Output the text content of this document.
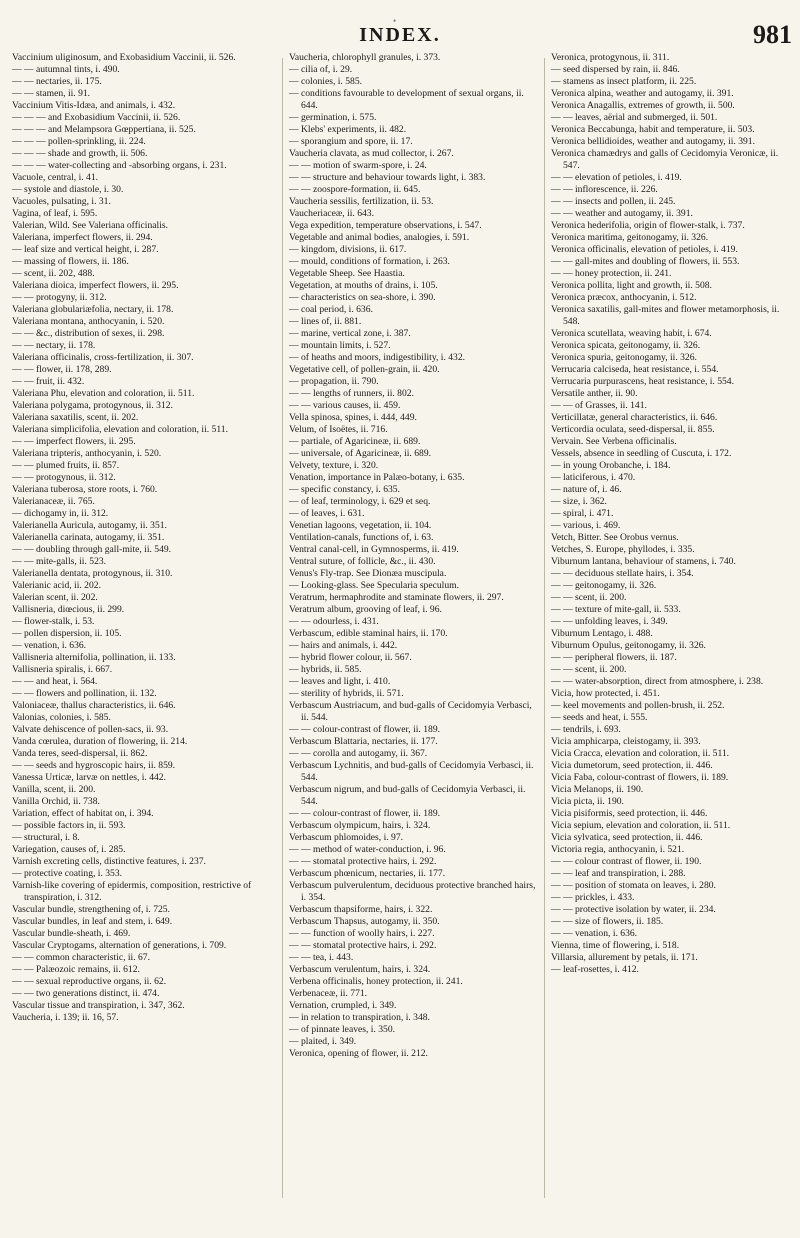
•
INDEX.	981

Vaccinium uliginosum, and Exobasidium Vaccinii, ii. 526.

— — autumnal tints, i. 490.

— — nectaries, ii. 175.

— — stamen, ii. 91.

Vaccinium Vitis-Idæa, and animals, i. 432.

— — — and Exobasidium Vaccinii, ii. 526.

— — — and Melampsora Gœppertiana, ii. 525.

— — — pollen-sprinkling, ii. 224.

— — — shade and growth, ii. 506.

— — — water-collecting and -absorbing organs, i. 231.

Vacuole, central, i. 41.

— systole and diastole, i. 30.

Vacuoles, pulsating, i. 31.

Vagina, of leaf, i. 595.

Valerian, Wild. See Valeriana officinalis.

Valeriana, imperfect flowers, ii. 294.

— leaf size and vertical height, i. 287.

— massing of flowers, ii. 186.

— scent, ii. 202, 488.

Valeriana dioica, imperfect flowers, ii. 295.

— — protogyny, ii. 312.

Valeriana globulariæfolia, nectary, ii. 178.

Valeriana montana, anthocyanin, i. 520.

— — &c., distribution of sexes, ii. 298.

— — nectary, ii. 178.

Valeriana officinalis, cross-fertilization, ii. 307.

— — flower, ii. 178, 289.

— — fruit, ii. 432.

Valeriana Phu, elevation and coloration, ii. 511.

Valeriana polygama, protogynous, ii. 312.

Valeriana saxatilis, scent, ii. 202.

Valeriana simplicifolia, elevation and coloration, ii. 511.

— — imperfect flowers, ii. 295.

Valeriana tripteris, anthocyanin, i. 520.

— — plumed fruits, ii. 857.

— — protogynous, ii. 312.

Valeriana tuberosa, store roots, i. 760.

Valerianaceæ, ii. 765.

— dichogamy in, ii. 312.

Valerianella Auricula, autogamy, ii. 351.

Valerianella carinata, autogamy, ii. 351.

— — doubling through gall-mite, ii. 549.

— — mite-galls, ii. 523.

Valerianella dentata, protogynous, ii. 310.

Valerianic acid, ii. 202.

Valerian scent, ii. 202.

Vallisneria, diœcious, ii. 299.

— flower-stalk, i. 53.

— pollen dispersion, ii. 105.

— venation, i. 636.

Vallisneria alternifolia, pollination, ii. 133.

Vallisneria spiralis, i. 667.

— — and heat, i. 564.

— — flowers and pollination, ii. 132.

Valoniaceæ, thallus characteristics, ii. 646.

Valonias, colonies, i. 585.

Valvate dehiscence of pollen-sacs, ii. 93.

Vanda cœrulea, duration of flowering, ii. 214.

Vanda teres, seed-dispersal, ii. 862.

— — seeds and hygroscopic hairs, ii. 859.

Vanessa Urticæ, larvæ on nettles, i. 442.

Vanilla, scent, ii. 200.

Vanilla Orchid, ii. 738.

Variation, effect of habitat on, i. 394.

— possible factors in, ii. 593.

— structural, i. 8.

Variegation, causes of, i. 285.

Varnish excreting cells, distinctive features, i. 237.

— protective coating, i. 353.

Varnish-like covering of epidermis, composition, restrictive of transpiration, i. 312.

Vascular bundle, strengthening of, i. 725.

Vascular bundles, in leaf and stem, i. 649.

Vascular bundle-sheath, i. 469.

Vascular Cryptogams, alternation of generations, i. 709.

— — common characteristic, ii. 67.

— — Palæozoic remains, ii. 612.

— — sexual reproductive organs, ii. 62.

— — two generations distinct, ii. 474.

Vascular tissue and transpiration, i. 347, 362.

Vaucheria, i. 139; ii. 16, 57.

Vaucheria, chlorophyll granules, i. 373.

— cilia of, i. 29.

— colonies, i. 585.

— conditions favourable to development of sexual organs, ii. 644.

— germination, i. 575.

— Klebs' experiments, ii. 482.

— sporangium and spore, ii. 17.

Vaucheria clavata, as mud collector, i. 267.

— — motion of swarm-spore, i. 24.

— — structure and behaviour towards light, i. 383.

— — zoospore-formation, ii. 645.

Vaucheria sessilis, fertilization, ii. 53.

Vaucheriaceæ, ii. 643.

Vega expedition, temperature observations, i. 547.

Vegetable and animal bodies, analogies, i. 591.

— kingdom, divisions, ii. 617.

— mould, conditions of formation, i. 263.

Vegetable Sheep. See Haastia.

Vegetation, at mouths of drains, i. 105.

— characteristics on sea-shore, i. 390.

— coal period, i. 636.

— lines of, ii. 881.

— marine, vertical zone, i. 387.

— mountain limits, i. 527.

— of heaths and moors, indigestibility, i. 432.

Vegetative cell, of pollen-grain, ii. 420.

— propagation, ii. 790.

— — lengths of runners, ii. 802.

— — various causes, ii. 459.

Vella spinosa, spines, i. 444, 449.

Velum, of Isoëtes, ii. 716.

— partiale, of Agaricineæ, ii. 689.

— universale, of Agaricineæ, ii. 689.

Velvety, texture, i. 320.

Venation, importance in Palæo-botany, i. 635.

— specific constancy, i. 635.

— of leaf, terminology, i. 629 et seq.

— of leaves, i. 631.

Venetian lagoons, vegetation, ii. 104.

Ventilation-canals, functions of, i. 63.

Ventral canal-cell, in Gymnosperms, ii. 419.

Ventral suture, of follicle, &c., ii. 430.

Venus's Fly-trap. See Dionæa muscipula.

— Looking-glass. See Specularia speculum.

Veratrum, hermaphrodite and staminate flowers, ii. 297.

Veratrum album, grooving of leaf, i. 96.

— — odourless, i. 431.

Verbascum, edible staminal hairs, ii. 170.

— hairs and animals, i. 442.

— hybrid flower colour, ii. 567.

— hybrids, ii. 585.

— leaves and light, i. 410.

— sterility of hybrids, ii. 571.

Verbascum Austriacum, and bud-galls of Cecidomyia Verbasci, ii. 544.

— — colour-contrast of flower, ii. 189.

Verbascum Blattaria, nectaries, ii. 177.

— — corolla and autogamy, ii. 367.

Verbascum Lychnitis, and bud-galls of Cecidomyia Verbasci, ii. 544.

Verbascum nigrum, and bud-galls of Cecidomyia Verbasci, ii. 544.

— — colour-contrast of flower, ii. 189.

Verbascum olympicum, hairs, i. 324.

Verbascum phlomoides, i. 97.

— — method of water-conduction, i. 96.

— — stomatal protective hairs, i. 292.

Verbascum phœnicum, nectaries, ii. 177.

Verbascum pulverulentum, deciduous protective branched hairs, i. 354.

Verbascum thapsiforme, hairs, i. 322.

Verbascum Thapsus, autogamy, ii. 350.

— — function of woolly hairs, i. 227.

— — stomatal protective hairs, i. 292.

— — tea, i. 443.

Verbascum verulentum, hairs, i. 324.

Verbena officinalis, honey protection, ii. 241.

Verbenaceæ, ii. 771.

Vernation, crumpled, i. 349.

— in relation to transpiration, i. 348.

— of pinnate leaves, i. 350.

— plaited, i. 349.

Veronica, opening of flower, ii. 212.

Veronica, protogynous, ii. 311.

— seed dispersed by rain, ii. 846.

— stamens as insect platform, ii. 225.

Veronica alpina, weather and autogamy, ii. 391.

Veronica Anagallis, extremes of growth, ii. 500.

— — leaves, aërial and submerged, ii. 501.

Veronica Beccabunga, habit and temperature, ii. 503.

Veronica bellidioides, weather and autogamy, ii. 391.

Veronica chamædrys and galls of Cecidomyia Veronicæ, ii. 547.

— — elevation of petioles, i. 419.

— — inflorescence, ii. 226.

— — insects and pollen, ii. 245.

— — weather and autogamy, ii. 391.

Veronica hederifolia, origin of flower-stalk, i. 737.

Veronica maritima, geitonogamy, ii. 326.

Veronica officinalis, elevation of petioles, i. 419.

— — gall-mites and doubling of flowers, ii. 553.

— — honey protection, ii. 241.

Veronica pollita, light and growth, ii. 508.

Veronica præcox, anthocyanin, i. 512.

Veronica saxatilis, gall-mites and flower metamorphosis, ii. 548.

Veronica scutellata, weaving habit, i. 674.

Veronica spicata, geitonogamy, ii. 326.

Veronica spuria, geitonogamy, ii. 326.

Verrucaria calciseda, heat resistance, i. 554.

Verrucaria purpurascens, heat resistance, i. 554.

Versatile anther, ii. 90.

— — of Grasses, ii. 141.

Verticillatæ, general characteristics, ii. 646.

Verticordia oculata, seed-dispersal, ii. 855.

Vervain. See Verbena officinalis.

Vessels, absence in seedling of Cuscuta, i. 172.

— in young Orobanche, i. 184.

— laticiferous, i. 470.

— nature of, i. 46.

— size, i. 362.

— spiral, i. 471.

— various, i. 469.

Vetch, Bitter. See Orobus vernus.

Vetches, S. Europe, phyllodes, i. 335.

Viburnum lantana, behaviour of stamens, i. 740.

— — deciduous stellate hairs, i. 354.

— — geitonogamy, ii. 326.

— — scent, ii. 200.

— — texture of mite-gall, ii. 533.

— — unfolding leaves, i. 349.

Viburnum Lentago, i. 488.

Viburnum Opulus, geitonogamy, ii. 326.

— — peripheral flowers, ii. 187.

— — scent, ii. 200.

— — water-absorption, direct from atmosphere, i. 238.

Vicia, how protected, i. 451.

— keel movements and pollen-brush, ii. 252.

— seeds and heat, i. 555.

— tendrils, i. 693.

Vicia amphicarpa, cleistogamy, ii. 393.

Vicia Cracca, elevation and coloration, ii. 511.

Vicia dumetorum, seed protection, ii. 446.

Vicia Faba, colour-contrast of flowers, ii. 189.

Vicia Melanops, ii. 190.

Vicia picta, ii. 190.

Vicia pisiformis, seed protection, ii. 446.

Vicia sepium, elevation and coloration, ii. 511.

Vicia sylvatica, seed protection, ii. 446.

Victoria regia, anthocyanin, i. 521.

— — colour contrast of flower, ii. 190.

— — leaf and transpiration, i. 288.

— — position of stomata on leaves, i. 280.

— — prickles, i. 433.

— — protective isolation by water, ii. 234.

— — size of flowers, ii. 185.

— — venation, i. 636.

Vienna, time of flowering, i. 518.

Villarsia, allurement by petals, ii. 171.

— leaf-rosettes, i. 412.
